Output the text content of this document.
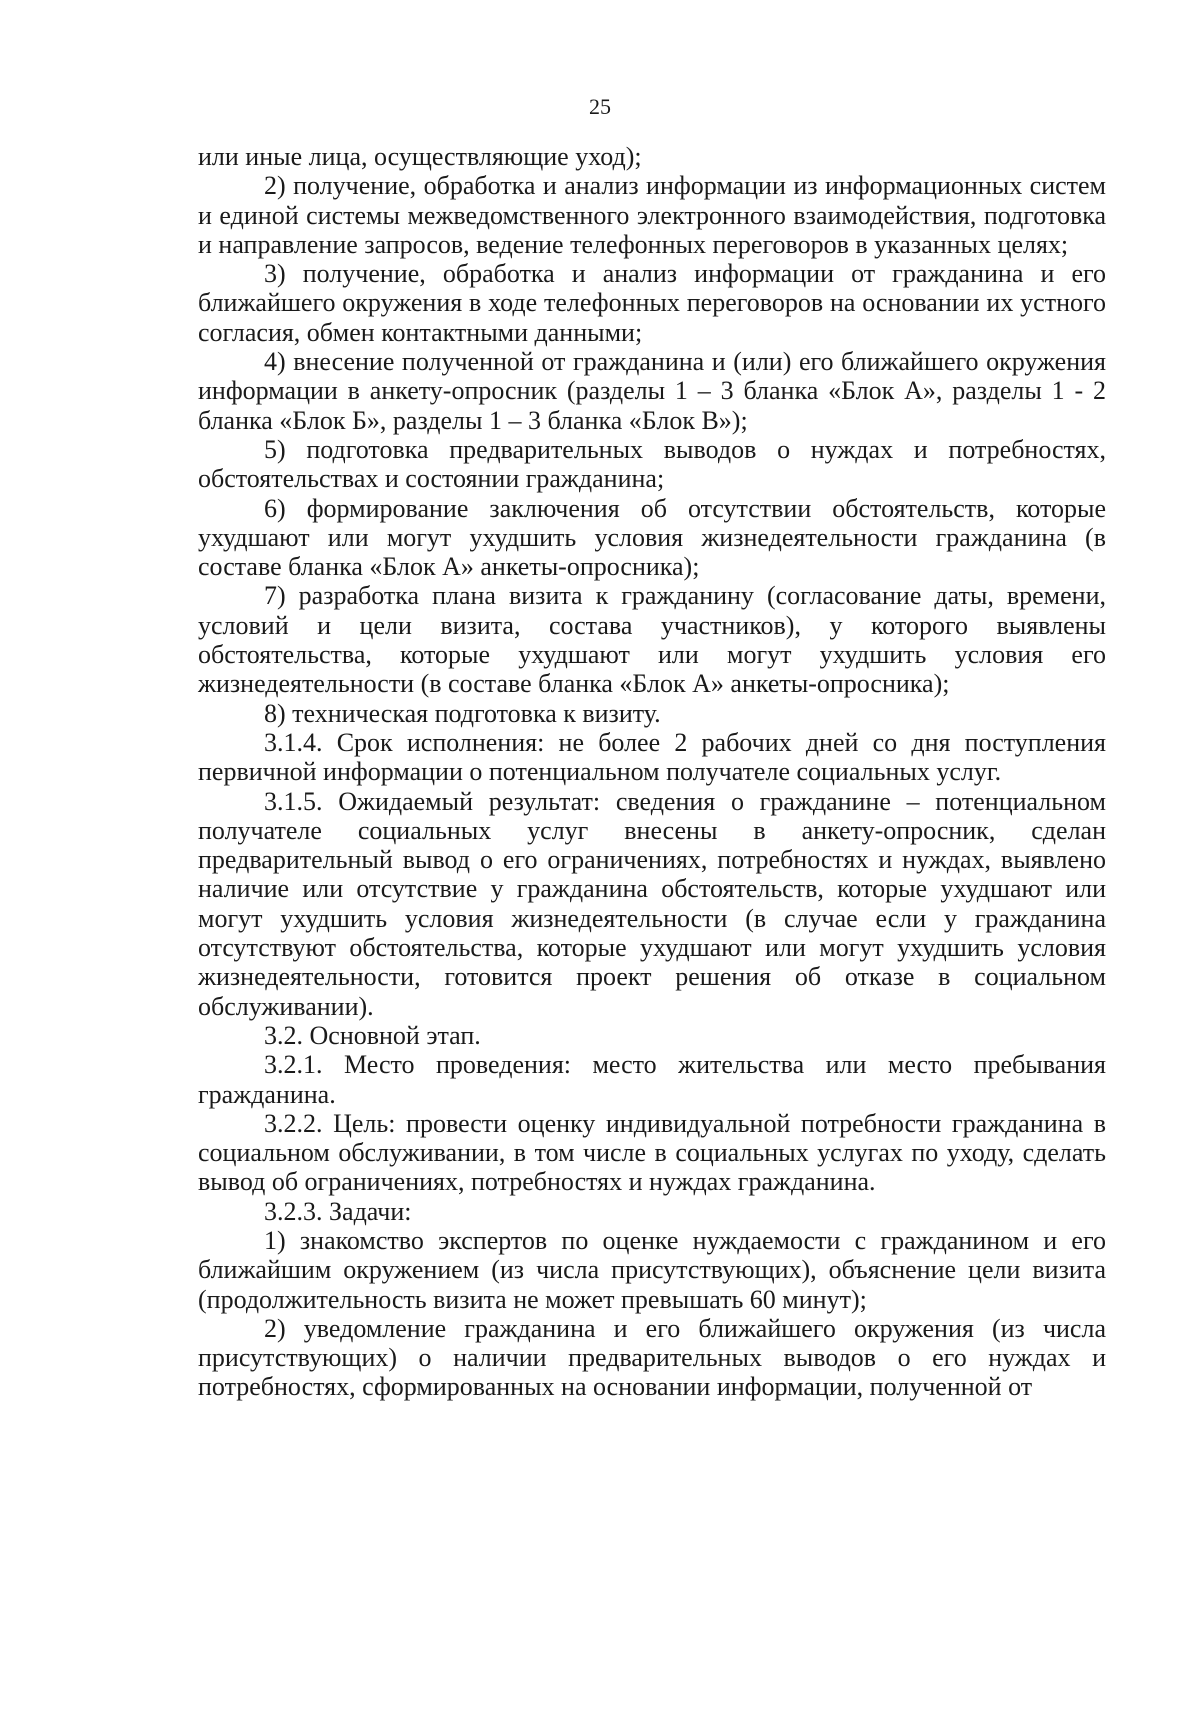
25

или иные лица, осуществляющие уход);

2) получение, обработка и анализ информации из информационных систем и единой системы межведомственного электронного взаимодействия, подготовка и направление запросов, ведение телефонных переговоров в указанных целях;

3) получение, обработка и анализ информации от гражданина и его ближайшего окружения в ходе телефонных переговоров на основании их устного согласия, обмен контактными данными;

4) внесение полученной от гражданина и (или) его ближайшего окружения информации в анкету-опросник (разделы 1 – 3 бланка «Блок А», разделы 1 - 2 бланка «Блок Б», разделы 1 – 3 бланка «Блок В»);

5) подготовка предварительных выводов о нуждах и потребностях, обстоятельствах и состоянии гражданина;

6) формирование заключения об отсутствии обстоятельств, которые ухудшают или могут ухудшить условия жизнедеятельности гражданина (в составе бланка «Блок А» анкеты-опросника);

7) разработка плана визита к гражданину (согласование даты, времени, условий и цели визита, состава участников), у которого выявлены обстоятельства, которые ухудшают или могут ухудшить условия его жизнедеятельности (в составе бланка «Блок А» анкеты-опросника);

8) техническая подготовка к визиту.

3.1.4. Срок исполнения: не более 2 рабочих дней со дня поступления первичной информации о потенциальном получателе социальных услуг.

3.1.5. Ожидаемый результат: сведения о гражданине – потенциальном получателе социальных услуг внесены в анкету-опросник, сделан предварительный вывод о его ограничениях, потребностях и нуждах, выявлено наличие или отсутствие у гражданина обстоятельств, которые ухудшают или могут ухудшить условия жизнедеятельности (в случае если у гражданина отсутствуют обстоятельства, которые ухудшают или могут ухудшить условия жизнедеятельности, готовится проект решения об отказе в социальном обслуживании).

3.2. Основной этап.

3.2.1. Место проведения: место жительства или место пребывания гражданина.

3.2.2. Цель: провести оценку индивидуальной потребности гражданина в социальном обслуживании, в том числе в социальных услугах по уходу, сделать вывод об ограничениях, потребностях и нуждах гражданина.

3.2.3. Задачи:

1) знакомство экспертов по оценке нуждаемости с гражданином и его ближайшим окружением (из числа присутствующих), объяснение цели визита (продолжительность визита не может превышать 60 минут);

2) уведомление гражданина и его ближайшего окружения (из числа присутствующих) о наличии предварительных выводов о его нуждах и потребностях, сформированных на основании информации, полученной от
